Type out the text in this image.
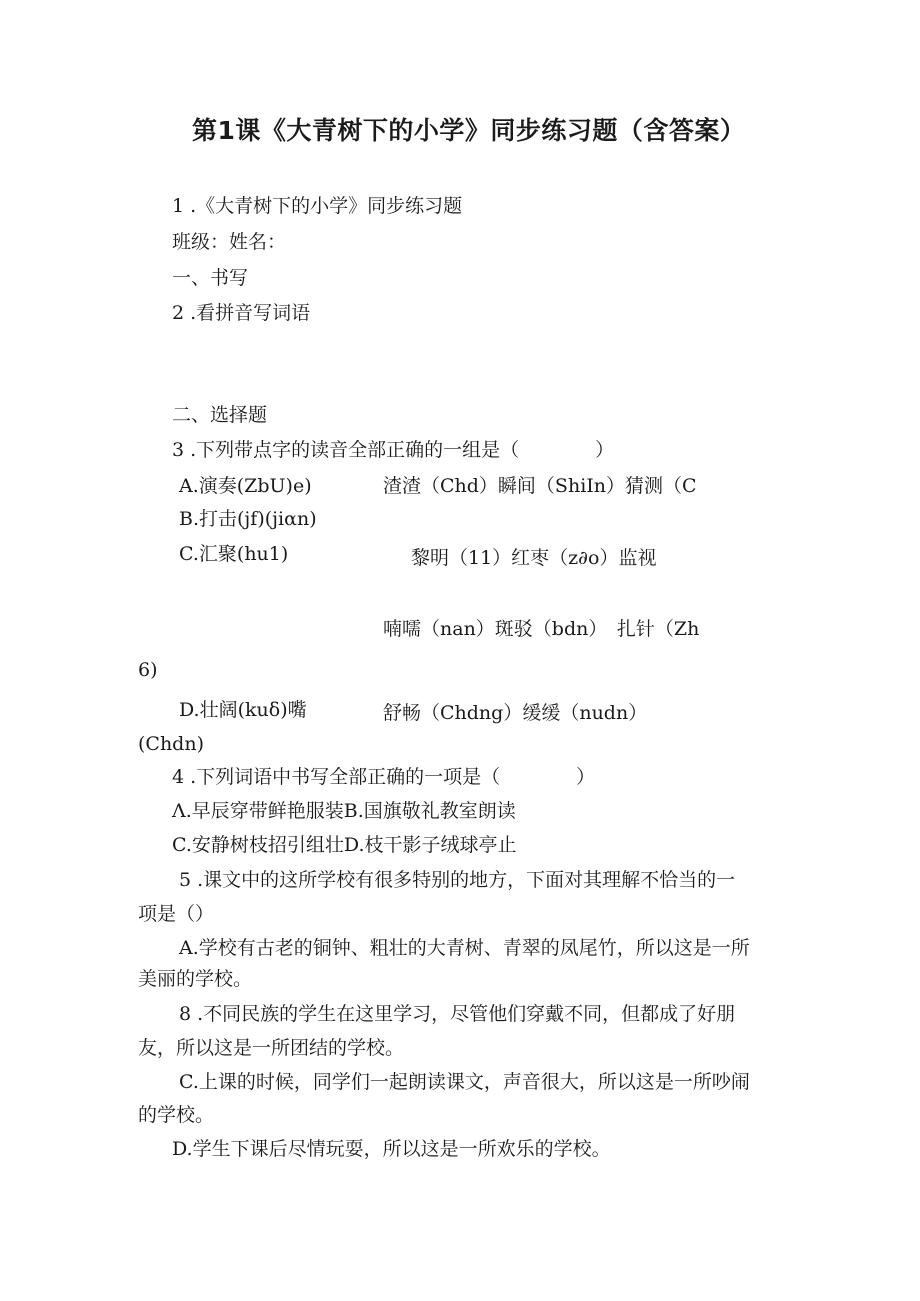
第1课《大青树下的小学》同步练习题（含答案）
1 .《大青树下的小学》同步练习题
班级：姓名：
一、书写
2 .看拼音写词语
二、选择题
3 .下列带点字的读音全部正确的一组是（　　　　）
A.演奏(ZbU)e)	渣渣（Chd）瞬间（ShiIn）猜测（C
B.打击(jf)(jiαn)
C.汇聚(hu1)	黎明（11）红枣（z∂o）监视
喃嚅（nan）斑驳（bdn）　扎针（Zh
6)
D.壮阔(kuδ)嘴	舒畅（Chdng）缓缓（nudn）
(Chdn)
4 .下列词语中书写全部正确的一项是（　　　　）
Λ.早辰穿带鲜艳服装B.国旗敬礼教室朗读
C.安静树枝招引组壮D.枝干影子绒球亭止
5 .课文中的这所学校有很多特别的地方，下面对其理解不恰当的一
项是（）
A.学校有古老的铜钟、粗壮的大青树、青翠的凤尾竹，所以这是一所
美丽的学校。
8 .不同民族的学生在这里学习，尽管他们穿戴不同，但都成了好朋
友，所以这是一所团结的学校。
C.上课的时候，同学们一起朗读课文，声音很大，所以这是一所吵闹
的学校。
D.学生下课后尽情玩耍，所以这是一所欢乐的学校。
